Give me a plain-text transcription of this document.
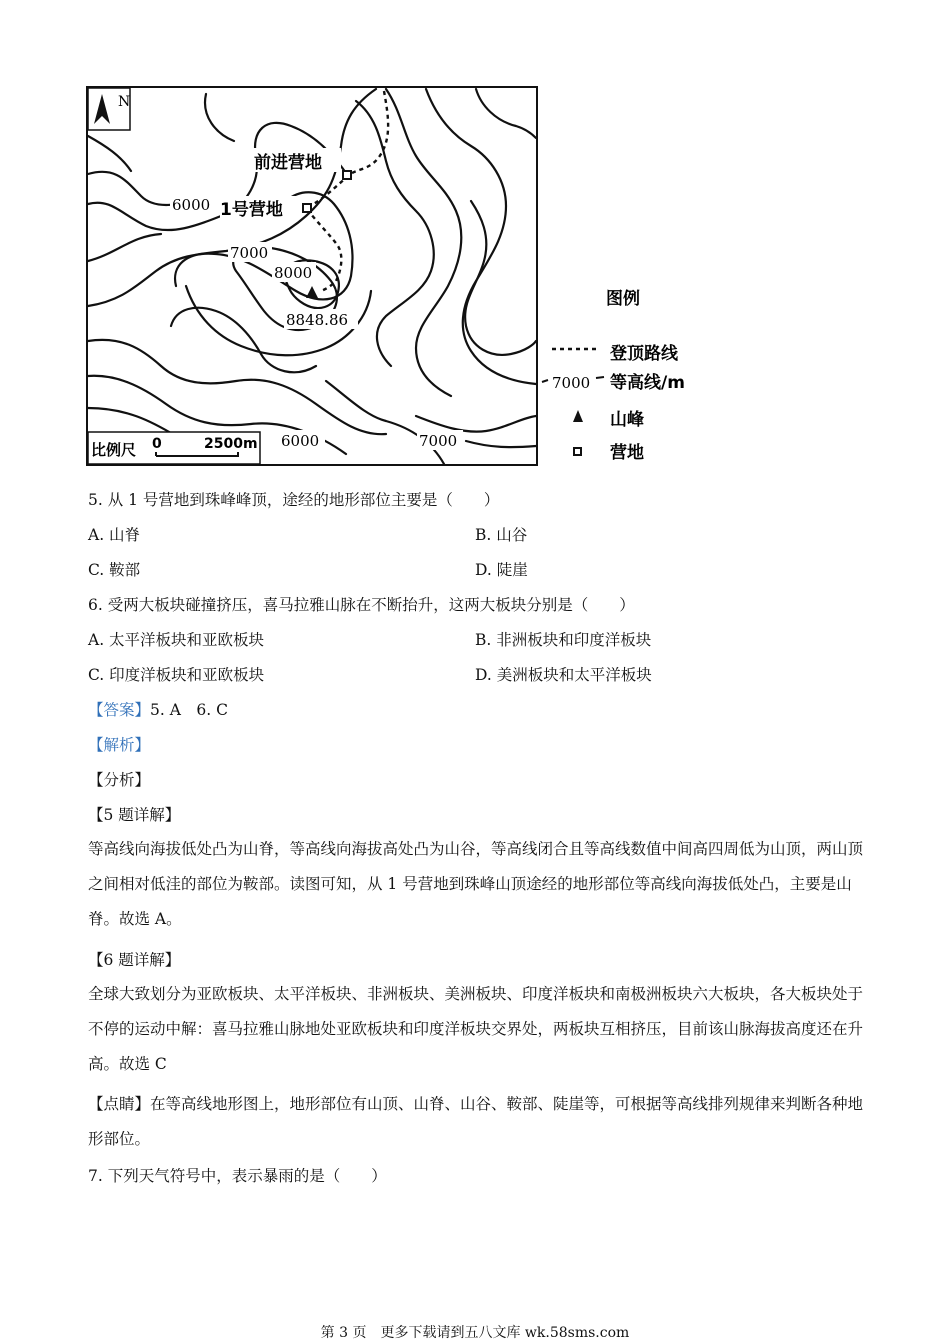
N
前进营地
1号营地
6000
7000
8000
8848.86
比例尺 0	2500m 6000	7000
图例
登顶路线
7000 等高线/m
山峰
营地
5. 从 1 号营地到珠峰峰顶，途经的地形部位主要是（　　）
A. 山脊	B. 山谷
C. 鞍部	D. 陡崖
6. 受两大板块碰撞挤压，喜马拉雅山脉在不断抬升，这两大板块分别是（　　）
A. 太平洋板块和亚欧板块	B. 非洲板块和印度洋板块
C. 印度洋板块和亚欧板块	D. 美洲板块和太平洋板块
【答案】5. A　6. C
【解析】
【分析】
【5 题详解】
等高线向海拔低处凸为山脊，等高线向海拔高处凸为山谷，等高线闭合且等高线数值中间高四周低为山顶，两山顶之间相对低洼的部位为鞍部。读图可知，从 1 号营地到珠峰山顶途经的地形部位等高线向海拔低处凸，主要是山脊。故选 A。
【6 题详解】
全球大致划分为亚欧板块、太平洋板块、非洲板块、美洲板块、印度洋板块和南极洲板块六大板块，各大板块处于不停的运动中解：喜马拉雅山脉地处亚欧板块和印度洋板块交界处，两板块互相挤压，目前该山脉海拔高度还在升高。故选 C
【点睛】在等高线地形图上，地形部位有山顶、山脊、山谷、鞍部、陡崖等，可根据等高线排列规律来判断各种地形部位。
7. 下列天气符号中，表示暴雨的是（　　）
第 3 页　更多下载请到五八文库 wk.58sms.com
